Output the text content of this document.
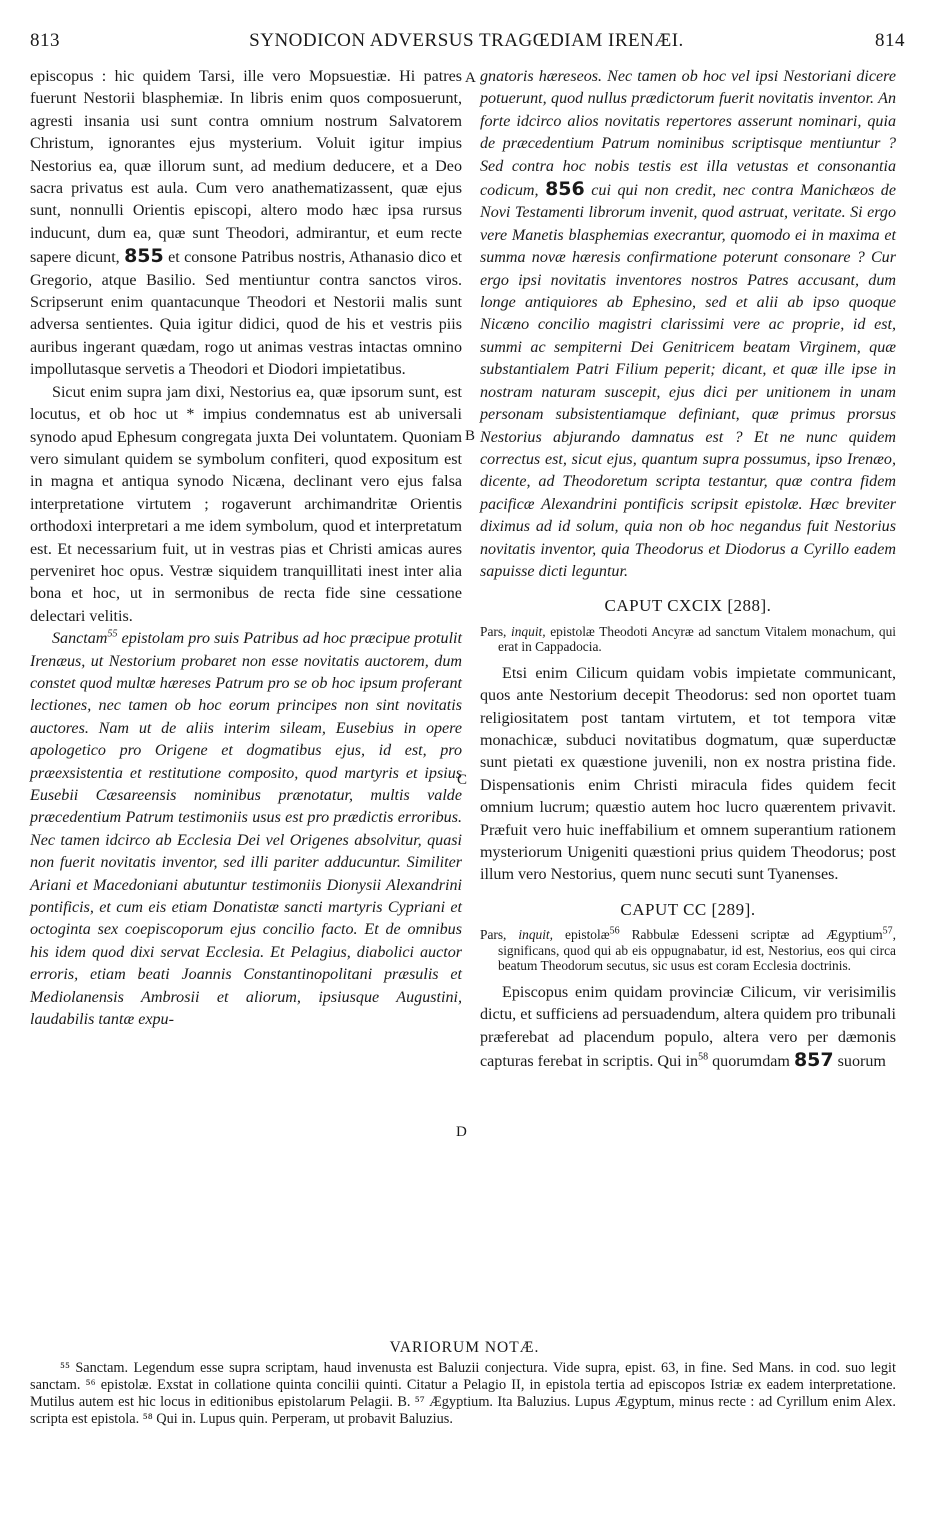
813	SYNODICON ADVERSUS TRAGŒDIAM IRENÆI.	814
A
B
C
D

episcopus : hic quidem Tarsi, ille vero Mopsuestiæ. Hi patres fuerunt Nestorii blasphemiæ. In libris enim quos composuerunt, agresti insania usi sunt contra omnium nostrum Salvatorem Christum, ignorantes ejus mysterium. Voluit igitur impius Nestorius ea, quæ illorum sunt, ad medium deducere, et a Deo sacra privatus est aula. Cum vero anathematizassent, quæ ejus sunt, nonnulli Orientis episcopi, altero modo hæc ipsa rursus inducunt, dum ea, quæ sunt Theodori, admirantur, et eum recte sapere dicunt, 855 et consone Patribus nostris, Athanasio dico et Gregorio, atque Basilio. Sed mentiuntur contra sanctos viros. Scripserunt enim quantacunque Theodori et Nestorii malis sunt adversa sentientes. Quia igitur didici, quod de his et vestris piis auribus ingerant quædam, rogo ut animas vestras intactas omnino impollutasque servetis a Theodori et Diodori impietatibus.

Sicut enim supra jam dixi, Nestorius ea, quæ ipsorum sunt, est locutus, et ob hoc ut * impius condemnatus est ab universali synodo apud Ephesum congregata juxta Dei voluntatem. Quoniam vero simulant quidem se symbolum confiteri, quod expositum est in magna et antiqua synodo Nicæna, declinant vero ejus falsa interpretatione virtutem ; rogaverunt archimandritæ Orientis orthodoxi interpretari a me idem symbolum, quod et interpretatum est. Et necessarium fuit, ut in vestras pias et Christi amicas aures perveniret hoc opus. Vestræ siquidem tranquillitati inest inter alia bona et hoc, ut in sermonibus de recta fide sine cessatione delectari velitis.

Sanctam$^{55}$ epistolam pro suis Patribus ad hoc præcipue protulit Irenæus, ut Nestorium probaret non esse novitatis auctorem, dum constet quod multæ hæreses Patrum pro se ob hoc ipsum proferant lectiones, nec tamen ob hoc eorum principes non sint novitatis auctores. Nam ut de aliis interim sileam, Eusebius in opere apologetico pro Origene et dogmatibus ejus, id est, pro præexsistentia et restitutione composito, quod martyris et ipsius Eusebii Cæsareensis nominibus prænotatur, multis valde præcedentium Patrum testimoniis usus est pro prædictis erroribus. Nec tamen idcirco ab Ecclesia Dei vel Origenes absolvitur, quasi non fuerit novitatis inventor, sed illi pariter adducuntur. Similiter Ariani et Macedoniani abutuntur testimoniis Dionysii Alexandrini pontificis, et cum eis etiam Donatistæ sancti martyris Cypriani et octoginta sex coepiscoporum ejus concilio facto. Et de omnibus his idem quod dixi servat Ecclesia. Et Pelagius, diabolici auctor erroris, etiam beati Joannis Constantinopolitani præsulis et Mediolanensis Ambrosii et aliorum, ipsiusque Augustini, laudabilis tantæ expu-

gnatoris hæreseos. Nec tamen ob hoc vel ipsi Nestoriani dicere potuerunt, quod nullus prædictorum fuerit novitatis inventor. An forte idcirco alios novitatis repertores asserunt nominari, quia de præcedentium Patrum nominibus scriptisque mentiuntur ? Sed contra hoc nobis testis est illa vetustas et consonantia codicum, 856 cui qui non credit, nec contra Manichæos de Novi Testamenti librorum invenit, quod astruat, veritate. Si ergo vere Manetis blasphemias execrantur, quomodo ei in maxima et summa novæ hæresis confirmatione poterunt consonare ? Cur ergo ipsi novitatis inventores nostros Patres accusant, dum longe antiquiores ab Ephesino, sed et alii ab ipso quoque Nicæno concilio magistri clarissimi vere ac proprie, id est, summi ac sempiterni Dei Genitricem beatam Virginem, quæ substantialem Patri Filium peperit; dicant, et quæ ille ipse in nostram naturam suscepit, ejus dici per unitionem in unam personam subsistentiamque definiant, quæ primus prorsus Nestorius abjurando damnatus est ? Et ne nunc quidem correctus est, sicut ejus, quantum supra possumus, ipso Irenæo, dicente, ad Theodoretum scripta testantur, quæ contra fidem pacificæ Alexandrini pontificis scripsit epistolæ. Hæc breviter diximus ad id solum, quia non ob hoc negandus fuit Nestorius novitatis inventor, quia Theodorus et Diodorus a Cyrillo eadem sapuisse dicti leguntur.

CAPUT CXCIX [288].

Pars, inquit, epistolæ Theodoti Ancyræ ad sanctum Vitalem monachum, qui erat in Cappadocia.

Etsi enim Cilicum quidam vobis impietate communicant, quos ante Nestorium decepit Theodorus: sed non oportet tuam religiositatem post tantam virtutem, et tot tempora vitæ monachicæ, subduci novitatibus dogmatum, quæ superductæ sunt pietati ex quæstione juvenili, non ex nostra pristina fide. Dispensationis enim Christi miracula fides quidem fecit omnium lucrum; quæstio autem hoc lucro quærentem privavit. Præfuit vero huic ineffabilium et omnem superantium rationem mysteriorum Unigeniti quæstioni prius quidem Theodorus; post illum vero Nestorius, quem nunc secuti sunt Tyanenses.

CAPUT CC [289].

Pars, inquit, epistolæ$^{56}$ Rabbulæ Edesseni scriptæ ad Ægyptium$^{57}$, significans, quod qui ab eis oppugnabatur, id est, Nestorius, eos qui circa beatum Theodorum secutus, sic usus est coram Ecclesia doctrinis.

Episcopus enim quidam provinciæ Cilicum, vir verisimilis dictu, et sufficiens ad persuadendum, altera quidem pro tribunali præferebat ad placendum populo, altera vero per dæmonis capturas ferebat in scriptis. Qui $in^{58}$ quorumdam 857 suorum

VARIORUM NOTÆ.

⁵⁵ Sanctam. Legendum esse supra scriptam, haud invenusta est Baluzii conjectura. Vide supra, epist. 63, in fine. Sed Mans. in cod. suo legit sanctam. ⁵⁶ epistolæ. Exstat in collatione quinta concilii quinti. Citatur a Pelagio II, in epistola tertia ad episcopos Istriæ ex eadem interpretatione. Mutilus autem est hic locus in editionibus epistolarum Pelagii. B. ⁵⁷ Ægyptium. Ita Baluzius. Lupus Ægyptum, minus recte : ad Cyrillum enim Alex. scripta est epistola. ⁵⁸ Qui in. Lupus quin. Perperam, ut probavit Baluzius.
